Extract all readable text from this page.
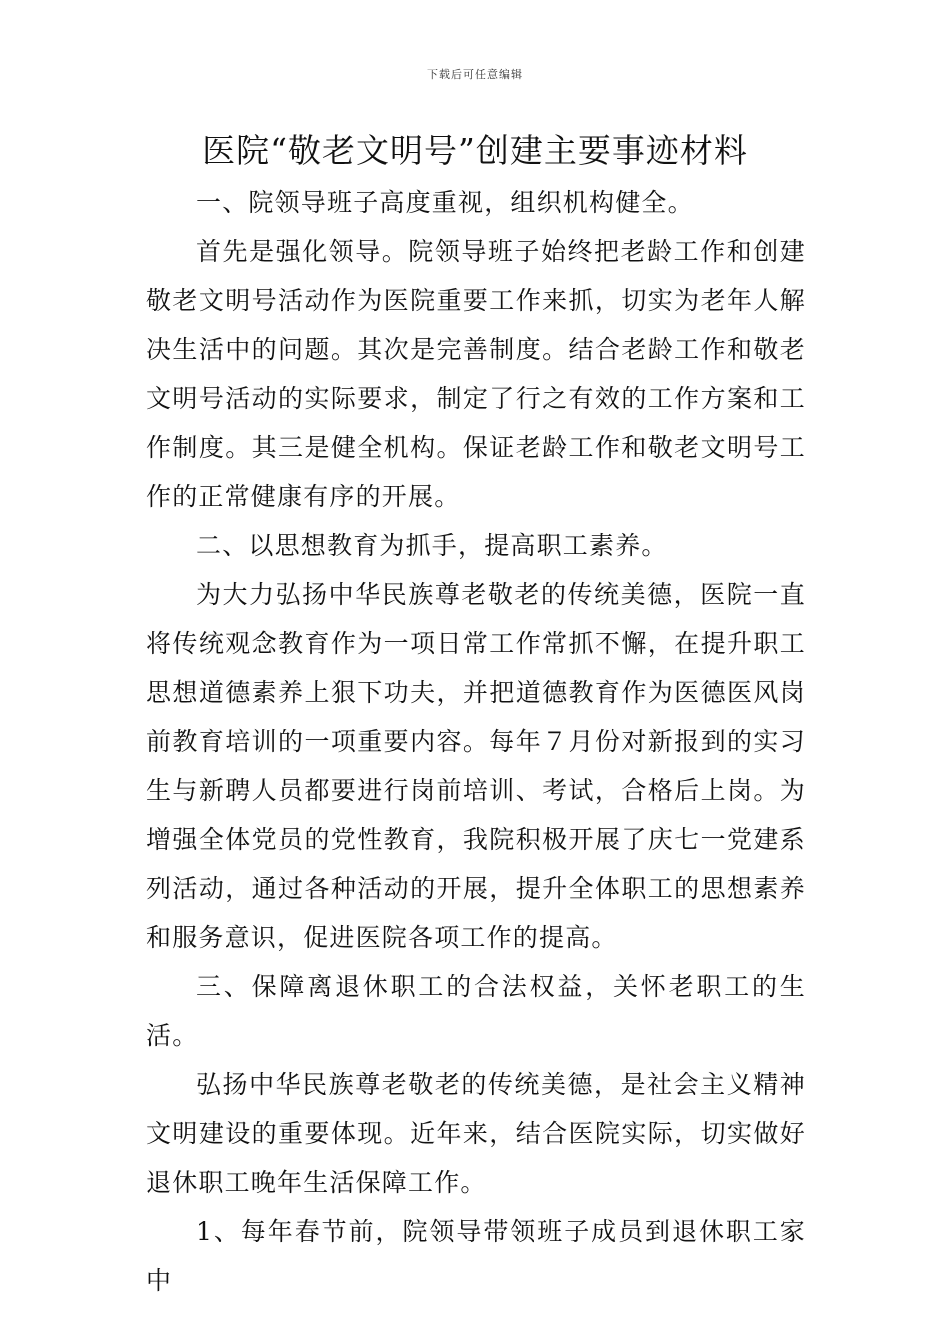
下载后可任意编辑
医院“敬老文明号”创建主要事迹材料

一、院领导班子高度重视，组织机构健全。

首先是强化领导。院领导班子始终把老龄工作和创建敬老文明号活动作为医院重要工作来抓，切实为老年人解决生活中的问题。其次是完善制度。结合老龄工作和敬老文明号活动的实际要求，制定了行之有效的工作方案和工作制度。其三是健全机构。保证老龄工作和敬老文明号工作的正常健康有序的开展。

二、以思想教育为抓手，提高职工素养。

为大力弘扬中华民族尊老敬老的传统美德，医院一直将传统观念教育作为一项日常工作常抓不懈，在提升职工思想道德素养上狠下功夫，并把道德教育作为医德医风岗前教育培训的一项重要内容。每年７月份对新报到的实习生与新聘人员都要进行岗前培训、考试，合格后上岗。为增强全体党员的党性教育，我院积极开展了庆七一党建系列活动，通过各种活动的开展，提升全体职工的思想素养和服务意识，促进医院各项工作的提高。

三、保障离退休职工的合法权益，关怀老职工的生活。

弘扬中华民族尊老敬老的传统美德，是社会主义精神文明建设的重要体现。近年来，结合医院实际，切实做好退休职工晚年生活保障工作。

1、每年春节前，院领导带领班子成员到退休职工家中
